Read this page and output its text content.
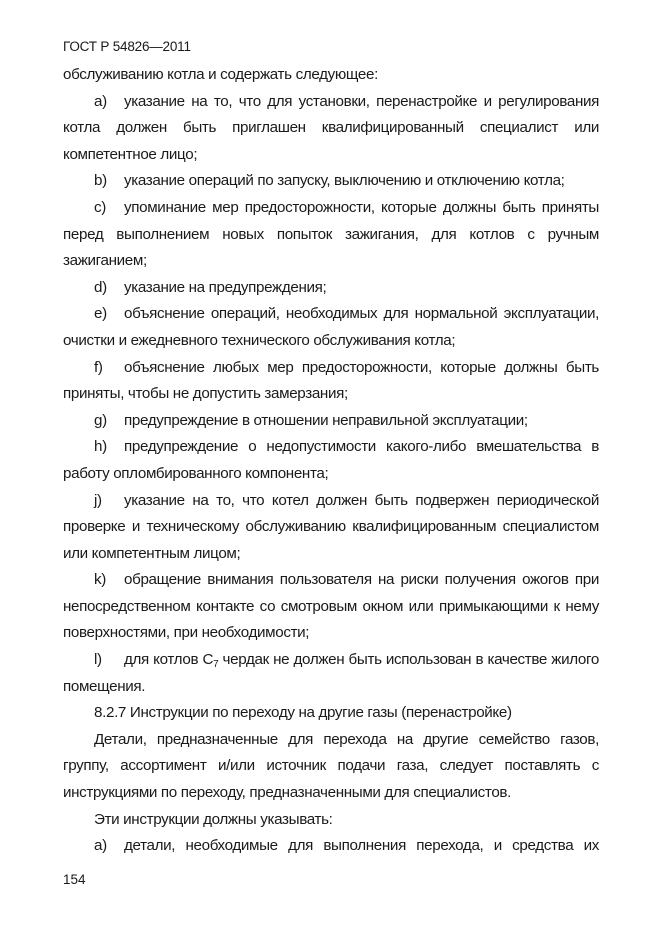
ГОСТ Р 54826—2011

обслуживанию котла и содержать следующее:

a) указание на то, что для установки, перенастройке и регулирования котла должен быть приглашен квалифицированный специалист или компетентное лицо;

b) указание операций по запуску, выключению и отключению котла;

c) упоминание мер предосторожности, которые должны быть приняты перед выполнением новых попыток зажигания, для котлов с ручным зажиганием;

d) указание на предупреждения;

e) объяснение операций, необходимых для нормальной эксплуатации, очистки и ежедневного технического обслуживания котла;

f) объяснение любых мер предосторожности, которые должны быть приняты, чтобы не допустить замерзания;

g) предупреждение в отношении неправильной эксплуатации;

h) предупреждение о недопустимости какого-либо вмешательства в работу опломбированного компонента;

j) указание на то, что котел должен быть подвержен периодической проверке и техническому обслуживанию квалифицированным специалистом или компетентным лицом;

k) обращение внимания пользователя на риски получения ожогов при непосредственном контакте со смотровым окном или примыкающими к нему поверхностями, при необходимости;

l) для котлов $С_7$ чердак не должен быть использован в качестве жилого помещения.

8.2.7 Инструкции по переходу на другие газы (перенастройке)

Детали, предназначенные для перехода на другие семейство газов, группу, ассортимент и/или источник подачи газа, следует поставлять с инструкциями по переходу, предназначенными для специалистов.

Эти инструкции должны указывать:

a) детали, необходимые для выполнения перехода, и средства их

154
